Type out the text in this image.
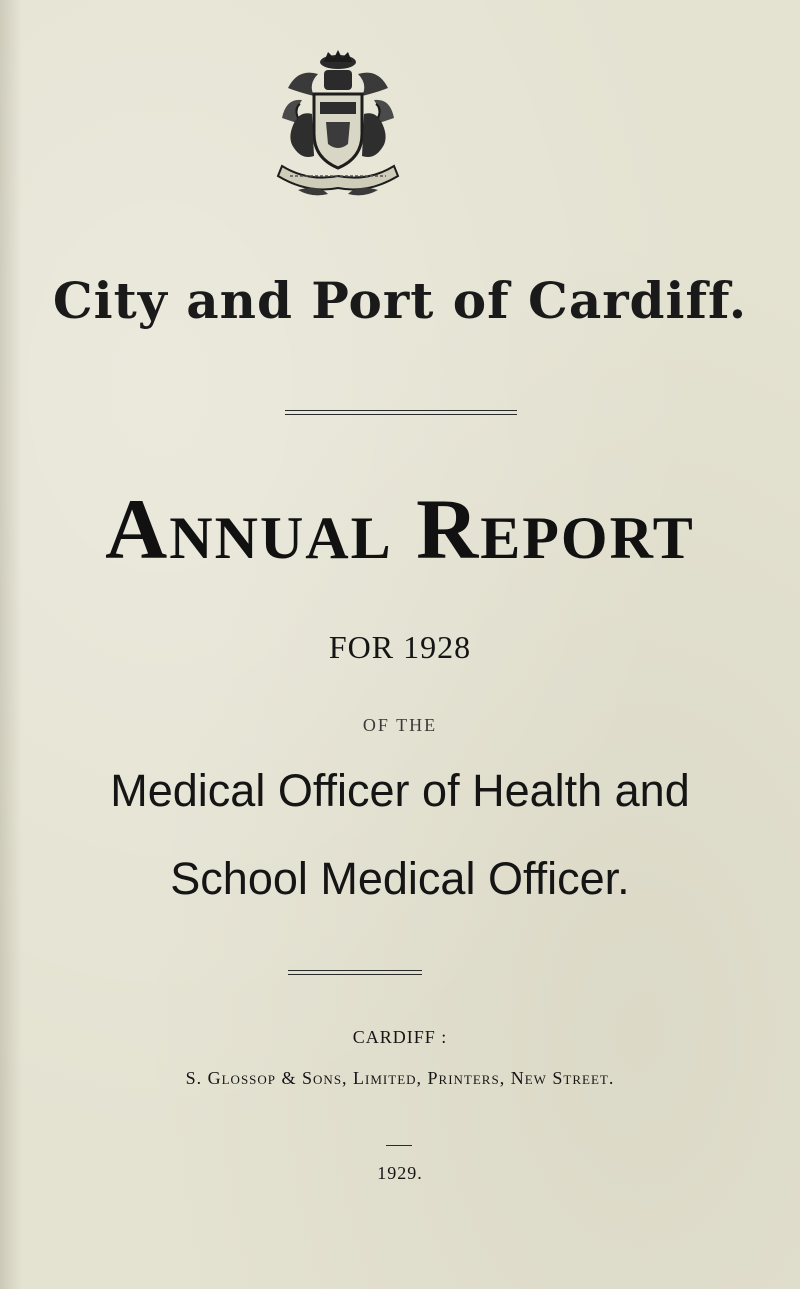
City and Port of Cardiff.
Annual Report

FOR 1928

OF THE

Medical Officer of Health and

School Medical Officer.

CARDIFF :

S. Glossop & Sons, Limited, Printers, New Street.

1929.
